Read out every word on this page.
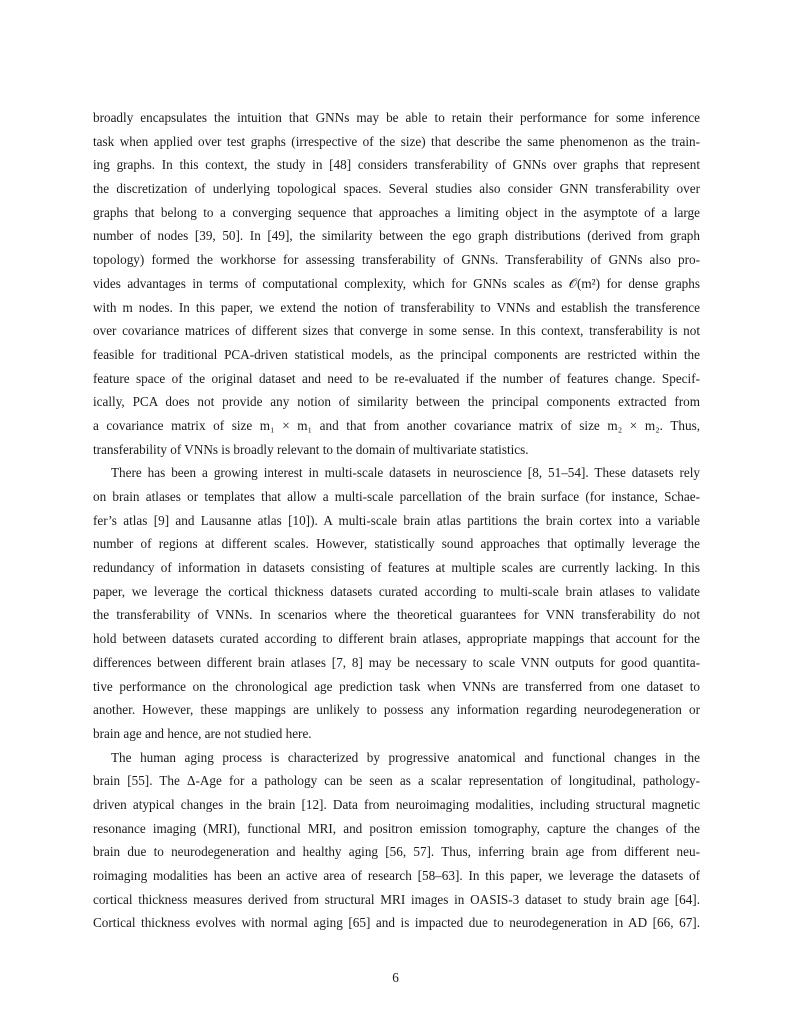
broadly encapsulates the intuition that GNNs may be able to retain their performance for some inference
task when applied over test graphs (irrespective of the size) that describe the same phenomenon as the train-
ing graphs. In this context, the study in [48] considers transferability of GNNs over graphs that represent
the discretization of underlying topological spaces. Several studies also consider GNN transferability over
graphs that belong to a converging sequence that approaches a limiting object in the asymptote of a large
number of nodes [39, 50]. In [49], the similarity between the ego graph distributions (derived from graph
topology) formed the workhorse for assessing transferability of GNNs. Transferability of GNNs also pro-
vides advantages in terms of computational complexity, which for GNNs scales as 𝒪(m²) for dense graphs
with m nodes. In this paper, we extend the notion of transferability to VNNs and establish the transference
over covariance matrices of different sizes that converge in some sense. In this context, transferability is not
feasible for traditional PCA-driven statistical models, as the principal components are restricted within the
feature space of the original dataset and need to be re-evaluated if the number of features change. Specif-
ically, PCA does not provide any notion of similarity between the principal components extracted from
a covariance matrix of size m₁ × m₁ and that from another covariance matrix of size m₂ × m₂. Thus,
transferability of VNNs is broadly relevant to the domain of multivariate statistics.
There has been a growing interest in multi-scale datasets in neuroscience [8, 51–54]. These datasets rely
on brain atlases or templates that allow a multi-scale parcellation of the brain surface (for instance, Schae-
fer’s atlas [9] and Lausanne atlas [10]). A multi-scale brain atlas partitions the brain cortex into a variable
number of regions at different scales. However, statistically sound approaches that optimally leverage the
redundancy of information in datasets consisting of features at multiple scales are currently lacking. In this
paper, we leverage the cortical thickness datasets curated according to multi-scale brain atlases to validate
the transferability of VNNs. In scenarios where the theoretical guarantees for VNN transferability do not
hold between datasets curated according to different brain atlases, appropriate mappings that account for the
differences between different brain atlases [7, 8] may be necessary to scale VNN outputs for good quantita-
tive performance on the chronological age prediction task when VNNs are transferred from one dataset to
another. However, these mappings are unlikely to possess any information regarding neurodegeneration or
brain age and hence, are not studied here.
The human aging process is characterized by progressive anatomical and functional changes in the
brain [55]. The Δ-Age for a pathology can be seen as a scalar representation of longitudinal, pathology-
driven atypical changes in the brain [12]. Data from neuroimaging modalities, including structural magnetic
resonance imaging (MRI), functional MRI, and positron emission tomography, capture the changes of the
brain due to neurodegeneration and healthy aging [56, 57]. Thus, inferring brain age from different neu-
roimaging modalities has been an active area of research [58–63]. In this paper, we leverage the datasets of
cortical thickness measures derived from structural MRI images in OASIS-3 dataset to study brain age [64].
Cortical thickness evolves with normal aging [65] and is impacted due to neurodegeneration in AD [66, 67].
6
